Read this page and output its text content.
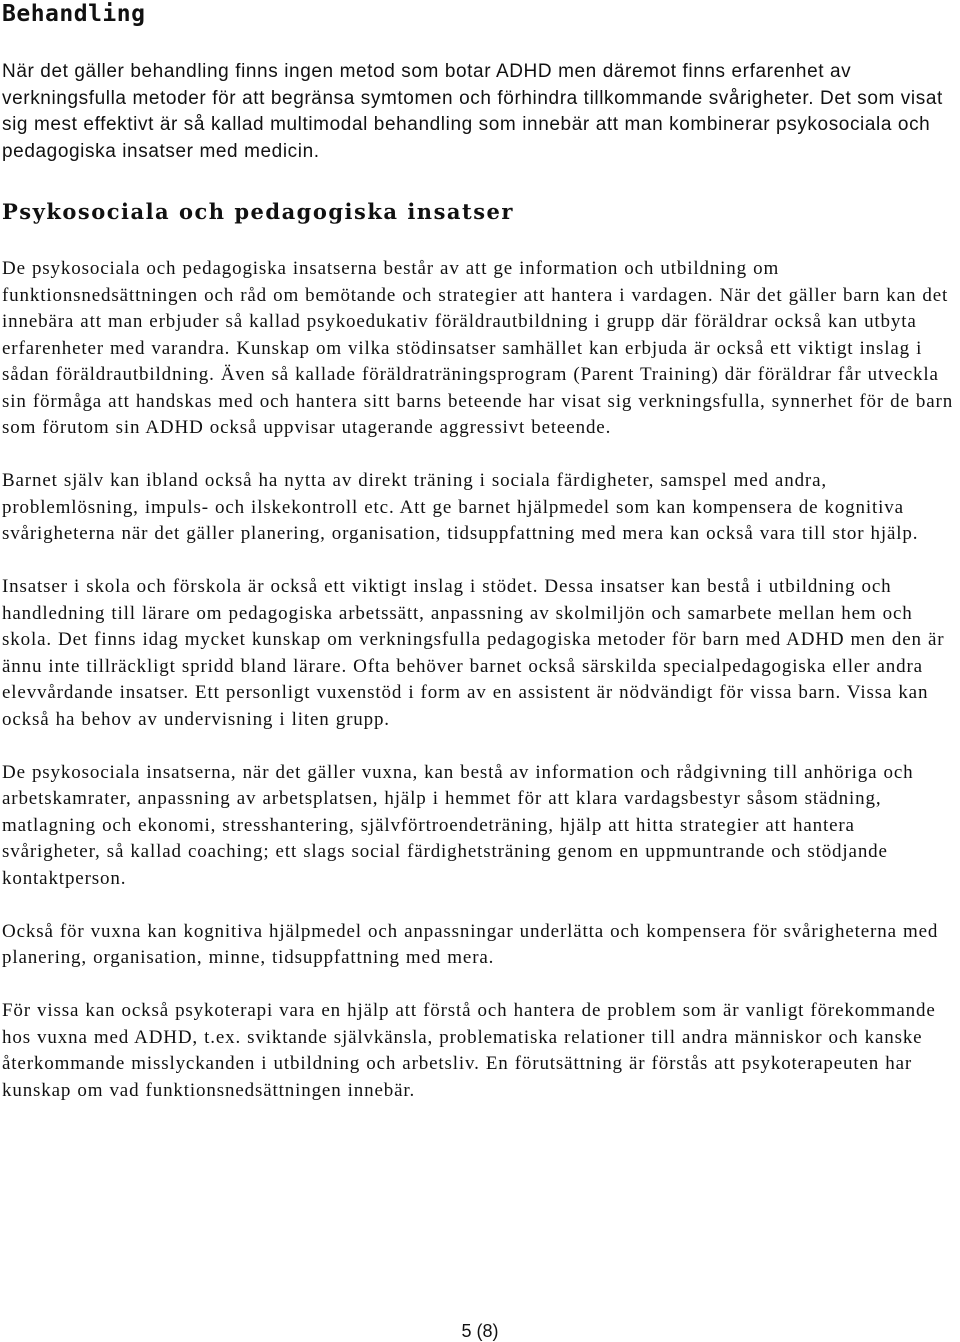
Behandling

När det gäller behandling finns ingen metod som botar ADHD men däremot finns erfarenhet av verkningsfulla metoder för att begränsa symtomen och förhindra tillkommande svårigheter. Det som visat sig mest effektivt är så kallad multimodal behandling som innebär att man kombinerar psykosociala och pedagogiska insatser med medicin.

Psykosociala och pedagogiska insatser

De psykosociala och pedagogiska insatserna består av att ge information och utbildning om funktionsnedsättningen och råd om bemötande och strategier att hantera i vardagen. När det gäller barn kan det innebära att man erbjuder så kallad psykoedukativ föräldrautbildning i grupp där föräldrar också kan utbyta erfarenheter med varandra. Kunskap om vilka stödinsatser samhället kan erbjuda är också ett viktigt inslag i sådan föräldrautbildning. Även så kallade föräldraträningsprogram (Parent Training) där föräldrar får utveckla sin förmåga att handskas med och hantera sitt barns beteende har visat sig verkningsfulla, synnerhet för de barn som förutom sin ADHD också uppvisar utagerande aggressivt beteende.

Barnet själv kan ibland också ha nytta av direkt träning i sociala färdigheter, samspel med andra, problemlösning, impuls- och ilskekontroll etc. Att ge barnet hjälpmedel som kan kompensera de kognitiva svårigheterna när det gäller planering, organisation, tidsuppfattning med mera kan också vara till stor hjälp.

Insatser i skola och förskola är också ett viktigt inslag i stödet. Dessa insatser kan bestå i utbildning och handledning till lärare om pedagogiska arbetssätt, anpassning av skolmiljön och samarbete mellan hem och skola. Det finns idag mycket kunskap om verkningsfulla pedagogiska metoder för barn med ADHD men den är ännu inte tillräckligt spridd bland lärare. Ofta behöver barnet också särskilda specialpedagogiska eller andra elevvårdande insatser. Ett personligt vuxenstöd i form av en assistent är nödvändigt för vissa barn. Vissa kan också ha behov av undervisning i liten grupp.

De psykosociala insatserna, när det gäller vuxna, kan bestå av information och rådgivning till anhöriga och arbetskamrater, anpassning av arbetsplatsen, hjälp i hemmet för att klara vardagsbestyr såsom städning, matlagning och ekonomi, stresshantering, självförtroendeträning, hjälp att hitta strategier att hantera svårigheter, så kallad coaching; ett slags social färdighetsträning genom en uppmuntrande och stödjande kontaktperson.

Också för vuxna kan kognitiva hjälpmedel och anpassningar underlätta och kompensera för svårigheterna med planering, organisation, minne, tidsuppfattning med mera.

För vissa kan också psykoterapi vara en hjälp att förstå och hantera de problem som är vanligt förekommande hos vuxna med ADHD, t.ex. sviktande självkänsla, problematiska relationer till andra människor och kanske återkommande misslyckanden i utbildning och arbetsliv. En förutsättning är förstås att psykoterapeuten har kunskap om vad funktionsnedsättningen innebär.

5 (8)
